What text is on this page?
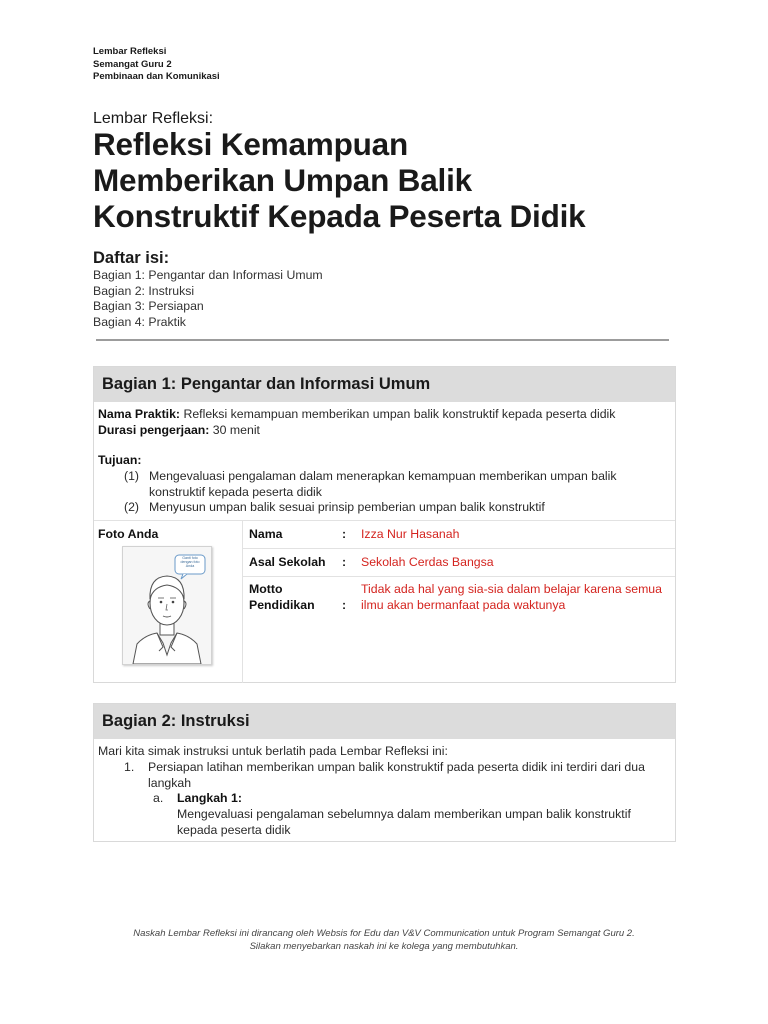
Lembar Refleksi
Semangat Guru 2
Pembinaan dan Komunikasi
Lembar Refleksi:
Refleksi Kemampuan
Memberikan Umpan Balik
Konstruktif Kepada Peserta Didik
Daftar isi:
Bagian 1: Pengantar dan Informasi Umum
Bagian 2: Instruksi
Bagian 3: Persiapan
Bagian 4: Praktik
Bagian 1: Pengantar dan Informasi Umum
Nama Praktik: Refleksi kemampuan memberikan umpan balik konstruktif kepada peserta didik
Durasi pengerjaan: 30 menit
Tujuan:
(1) Mengevaluasi pengalaman dalam menerapkan kemampuan memberikan umpan balik
konstruktif kepada peserta didik
(2) Menyusun umpan balik sesuai prinsip pemberian umpan balik konstruktif
Foto Anda
Ganti foto dengan foto Anda
Nama	: Izza Nur Hasanah
Asal Sekolah : Sekolah Cerdas Bangsa
Motto
Pendidikan :
Tidak ada hal yang sia-sia dalam belajar karena semua
ilmu akan bermanfaat pada waktunya
Bagian 2: Instruksi
Mari kita simak instruksi untuk berlatih pada Lembar Refleksi ini:
1. Persiapan latihan memberikan umpan balik konstruktif pada peserta didik ini terdiri dari dua
langkah
a. Langkah 1:
Mengevaluasi pengalaman sebelumnya dalam memberikan umpan balik konstruktif
kepada peserta didik
Naskah Lembar Refleksi ini dirancang oleh Websis for Edu dan V&V Communication untuk Program Semangat Guru 2.
Silakan menyebarkan naskah ini ke kolega yang membutuhkan.
